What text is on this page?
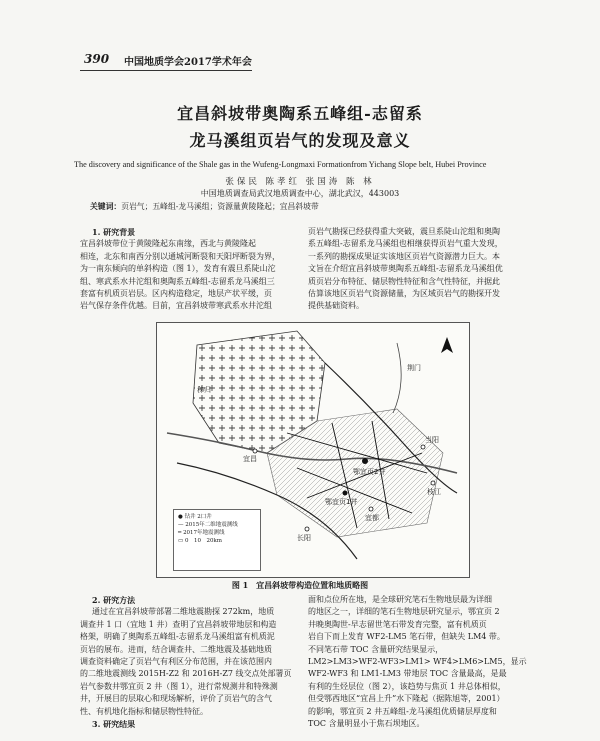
390 中国地质学会2017学术年会
宜昌斜坡带奥陶系五峰组-志留系
龙马溪组页岩气的发现及意义
The discovery and significance of the Shale gas in the Wufeng-Longmaxi Formationfrom Yichang Slope belt, Hubei Province
张保民 陈孝红 张国涛 陈 林
中国地质调查局武汉地质调查中心，湖北武汉，443003
关键词：页岩气；五峰组-龙马溪组；资源量黄陵隆起；宜昌斜坡带

1. 研究背景

宜昌斜坡带位于黄陵隆起东南缘，西北与黄陵隆起

相连，北东和南西分别以通城河断裂和天阳坪断裂为界，

为一南东倾向的单斜构造（图 1），发育有震旦系陡山沱

组、寒武系水井沱组和奥陶系五峰组-志留系龙马溪组三

套富有机质页岩层。区内构造稳定，地层产状平缓，页

岩气保存条件优越。目前，宜昌斜坡带寒武系水井沱组

页岩气勘探已经获得重大突破，震旦系陡山沱组和奥陶

系五峰组-志留系龙马溪组也相继获得页岩气重大发现，

一系列的勘探成果证实该地区页岩气资源潜力巨大。本

文旨在介绍宜昌斜坡带奥陶系五峰组-志留系龙马溪组优

质页岩分布特征、储层物性特征和含气性特征，并据此

估算该地区页岩气资源储量，为区域页岩气的勘探开发

提供基础资料。

宜昌
鄂宜页2井
鄂宜页1井
当阳
枝江
长阳
宜都
秭归
荆门
● 钻井 2口井
— 2015年二维地震测线
═ 2017年地震测线
▭ 0　10　20km
图 1　宜昌斜坡带构造位置和地质略图

2. 研究方法

通过在宜昌斜坡带部署二维地震勘探 272km，地质

调查井 1 口（宜地 1 井）查明了宜昌斜坡带地层和构造

格架，明确了奥陶系五峰组-志留系龙马溪组富有机质泥

页岩的展布。进而，结合调查井、二维地震及基础地质

调查资料确定了页岩气有利区分布范围，并在该范围内

的二维地震测线 2015H-Z2 和 2016H-Z7 线交点处部署页

岩气参数井鄂宜页 2 井（图 1），进行常规测井和特殊测

井，开展目的层取心和现场解析，评价了页岩气的含气

性、有机地化指标和储层物性特征。

3. 研究结果

面和点位所在地，是全球研究笔石生物地层最为详细

的地区之一，详细的笔石生物地层研究显示，鄂宜页 2

井晚奥陶世-早志留世笔石带发育完整，富有机质页

岩自下而上发育 WF2-LM5 笔石带，但缺失 LM4 带。

不同笔石带 TOC 含量研究结果显示，

LM2>LM3>WF2-WF3>LM1> WF4>LM6>LM5，显示

WF2-WF3 和 LM1-LM3 带地层 TOC 含量最高，是最

有利的生烃层位（图 2），该趋势与焦页 1 井总体相似，

但受鄂西地区“宜昌上升”水下隆起（据陈旭等，2001）

的影响，鄂宜页 2 井五峰组-龙马溪组优质储层厚度和

TOC 含量明显小于焦石坝地区。
